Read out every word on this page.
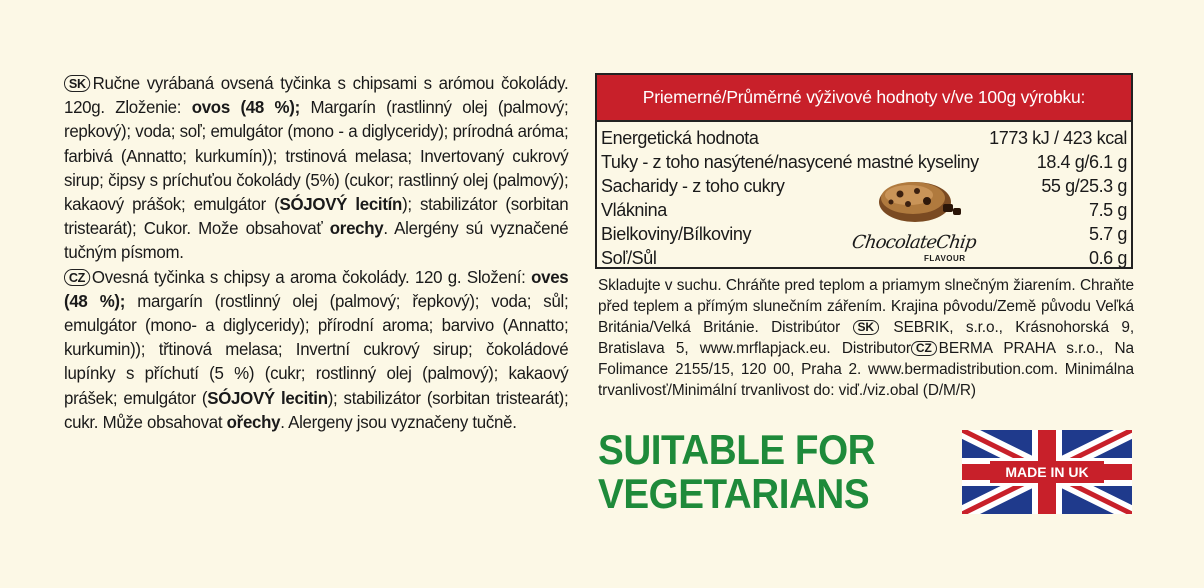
SK Ručne vyrábaná ovsená tyčinka s chipsami s arómou čokolády. 120g. Zloženie: ovos (48 %); Margarín (rastlinný olej (palmový; repkový); voda; soľ; emulgátor (mono - a diglyceridy); prírodná aróma; farbivá (Annatto; kurkumín)); trstinová melasa; Invertovaný cukrový sirup; čipsy s príchuťou čokolády (5%) (cukor; rastlinný olej (palmový); kakaový prášok; emulgátor (SÓJOVÝ lecitín); stabilizátor (sorbitan tristearát); Cukor. Može obsahovať orechy. Alergény sú vyznačené tučným písmom.

CZ Ovesná tyčinka s chipsy a aroma čokolády. 120 g. Složení: oves (48 %); margarín (rostlinný olej (palmový; řepkový); voda; sůl; emulgátor (mono- a diglyceridy); přírodní aroma; barvivo (Annatto; kurkumin)); třtinová melasa; Invertní cukrový sirup; čokoládové lupínky s příchutí (5 %) (cukr; rostlinný olej (palmový); kakaový prášek; emulgátor (SÓJOVÝ lecitin); stabilizátor (sorbitan tristearát); cukr. Může obsahovat ořechy. Alergeny jsou vyznačeny tučně.

Priemerné/Průměrné výživové hodnoty v/ve 100g výrobku:
Energetická hodnota	1773 kJ / 423 kcal
Tuky - z toho nasýtené/nasycené mastné kyseliny	18.4 g/6.1 g
Sacharidy - z toho cukry	55 g/25.3 g
Vláknina	7.5 g
Bielkoviny/Bílkoviny	5.7 g
Soľ/Sůl	0.6 g
ChocolateChip
FLAVOUR

Skladujte v suchu. Chráňte pred teplom a priamym slnečným žiarením. Chraňte před teplem a přímým slunečním zářením. Krajina pôvodu/Země původu Veľká Británia/Velká Británie. Distribútor SK SEBRIK, s.r.o., Krásnohorská 9, Bratislava 5, www.mrflapjack.eu. Distributor CZ BERMA PRAHA s.r.o., Na Folimance 2155/15, 120 00, Praha 2. www.bermadistribution.com. Minimálna trvanlivosť/Minimální trvanlivost do: viď./viz.obal (D/M/R)

SUITABLE FOR
VEGETARIANS	MADE IN UK
